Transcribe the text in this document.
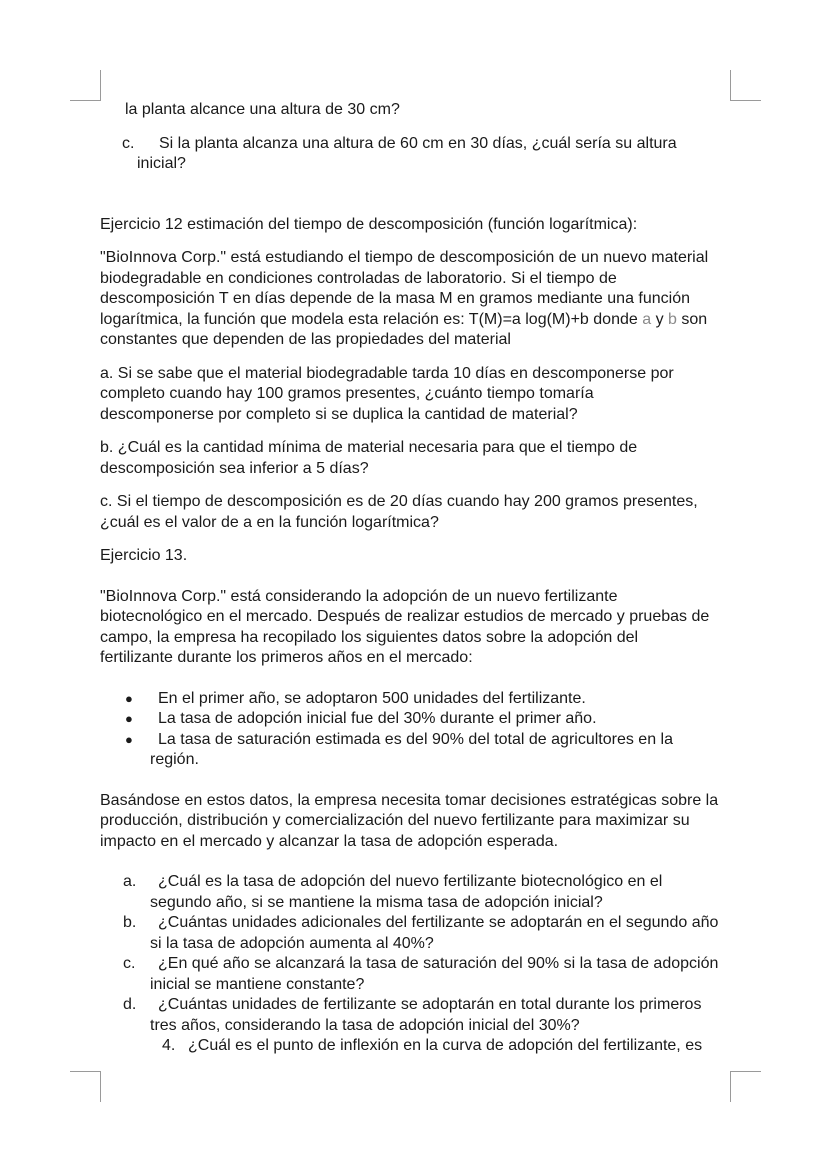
la planta alcance una altura de 30 cm?

c.	Si la planta alcanza una altura de 60 cm en 30 días, ¿cuál sería su altura inicial?

Ejercicio 12 estimación del tiempo de descomposición (función logarítmica):

"BioInnova Corp." está estudiando el tiempo de descomposición de un nuevo material biodegradable en condiciones controladas de laboratorio. Si el tiempo de descomposición T en días depende de la masa M en gramos mediante una función logarítmica, la función que modela esta relación es: T(M)=a log(M)+b donde a y b son constantes que dependen de las propiedades del material

a. Si se sabe que el material biodegradable tarda 10 días en descomponerse por completo cuando hay 100 gramos presentes, ¿cuánto tiempo tomaría descomponerse por completo si se duplica la cantidad de material?

b. ¿Cuál es la cantidad mínima de material necesaria para que el tiempo de descomposición sea inferior a 5 días?

c. Si el tiempo de descomposición es de 20 días cuando hay 200 gramos presentes, ¿cuál es el valor de a en la función logarítmica?

Ejercicio 13.

"BioInnova Corp." está considerando la adopción de un nuevo fertilizante biotecnológico en el mercado. Después de realizar estudios de mercado y pruebas de campo, la empresa ha recopilado los siguientes datos sobre la adopción del fertilizante durante los primeros años en el mercado:

● En el primer año, se adoptaron 500 unidades del fertilizante.
● La tasa de adopción inicial fue del 30% durante el primer año.
●	La tasa de saturación estimada es del 90% del total de agricultores en la región.

Basándose en estos datos, la empresa necesita tomar decisiones estratégicas sobre la producción, distribución y comercialización del nuevo fertilizante para maximizar su impacto en el mercado y alcanzar la tasa de adopción esperada.

a.	¿Cuál es la tasa de adopción del nuevo fertilizante biotecnológico en el segundo año, si se mantiene la misma tasa de adopción inicial?
b.	¿Cuántas unidades adicionales del fertilizante se adoptarán en el segundo año si la tasa de adopción aumenta al 40%?
c.	¿En qué año se alcanzará la tasa de saturación del 90% si la tasa de adopción inicial se mantiene constante?
d.	¿Cuántas unidades de fertilizante se adoptarán en total durante los primeros tres años, considerando la tasa de adopción inicial del 30%?
4. ¿Cuál es el punto de inflexión en la curva de adopción del fertilizante, es
